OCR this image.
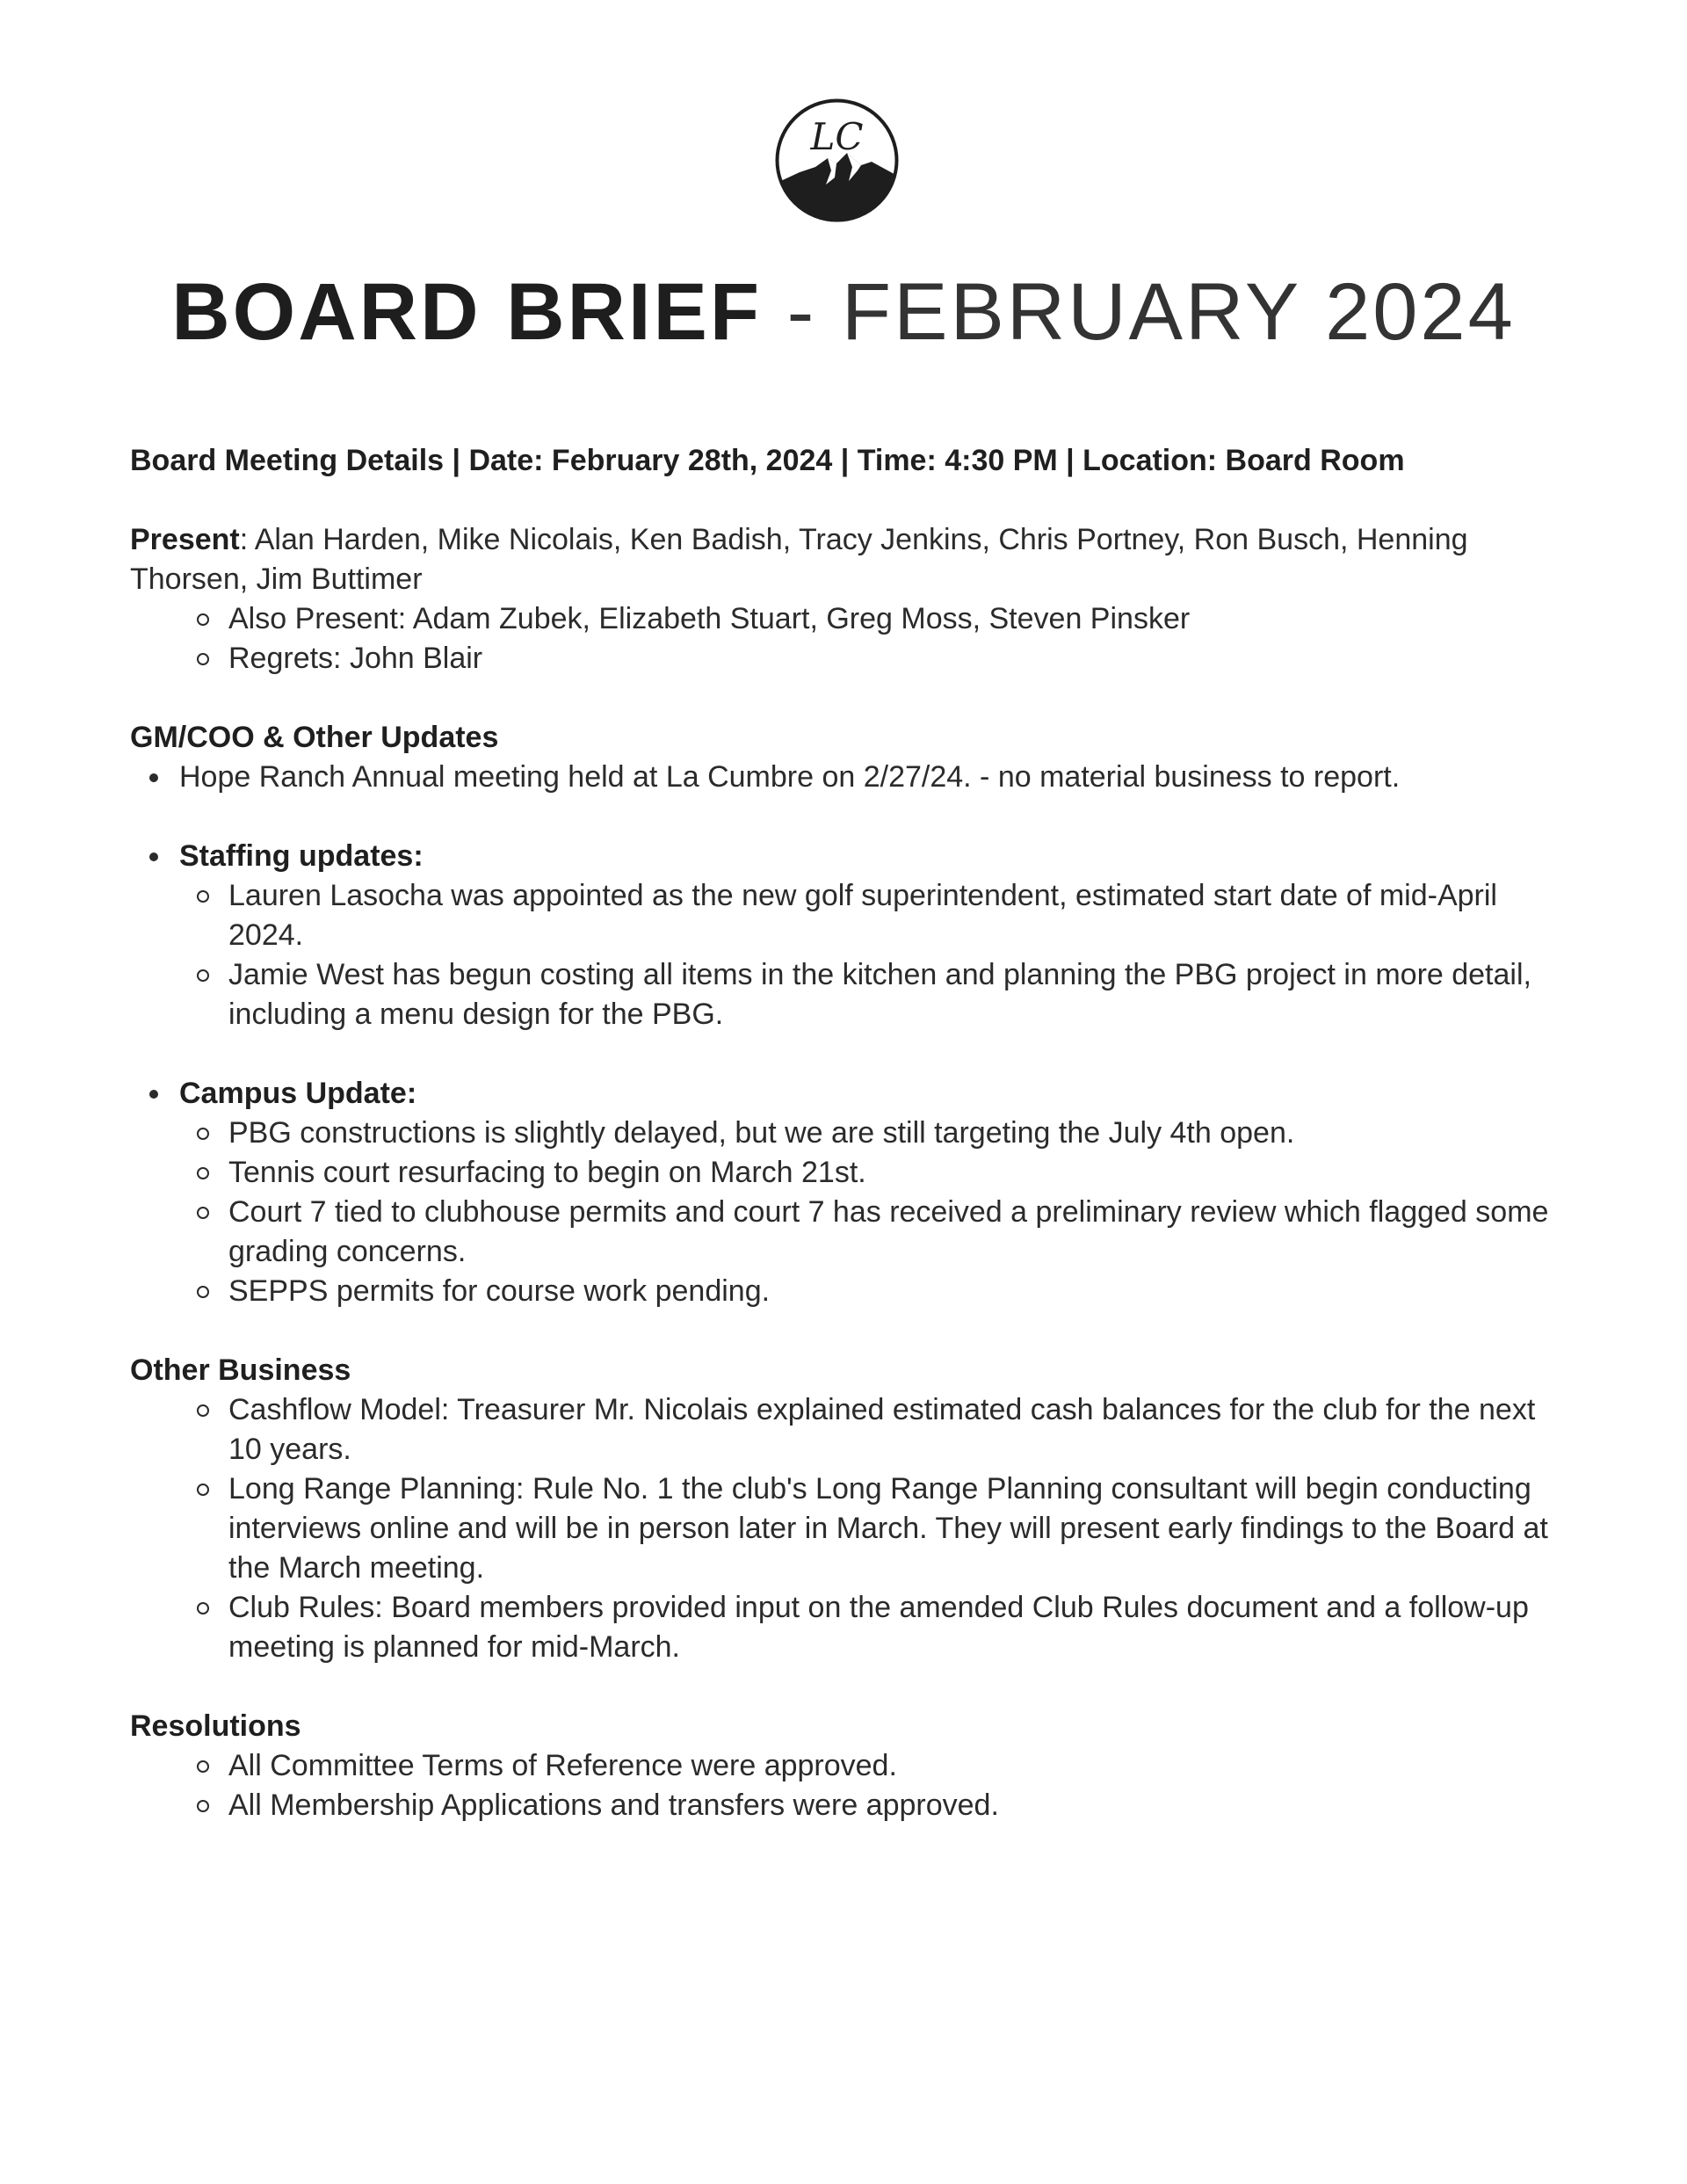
LC
BOARD BRIEF - FEBRUARY 2024

Board Meeting Details | Date: February 28th, 2024 | Time: 4:30 PM | Location: Board Room

Present: Alan Harden, Mike Nicolais, Ken Badish, Tracy Jenkins, Chris Portney, Ron Busch, Henning Thorsen, Jim Buttimer

Also Present: Adam Zubek, Elizabeth Stuart, Greg Moss, Steven Pinsker
Regrets: John Blair

GM/COO & Other Updates

Hope Ranch Annual meeting held at La Cumbre on 2/27/24. - no material business to report.
Staffing updates:
Lauren Lasocha was appointed as the new golf superintendent, estimated start date of mid-April 2024.
Jamie West has begun costing all items in the kitchen and planning the PBG project in more detail, including a menu design for the PBG.
Campus Update:
PBG constructions is slightly delayed, but we are still targeting the July 4th open.
Tennis court resurfacing to begin on March 21st.
Court 7 tied to clubhouse permits and court 7 has received a preliminary review which flagged some grading concerns.
SEPPS permits for course work pending.

Other Business

Cashflow Model: Treasurer Mr. Nicolais explained estimated cash balances for the club for the next 10 years.
Long Range Planning: Rule No. 1 the club's Long Range Planning consultant will begin conducting interviews online and will be in person later in March. They will present early findings to the Board at the March meeting.
Club Rules: Board members provided input on the amended Club Rules document and a follow-up meeting is planned for mid-March.

Resolutions

All Committee Terms of Reference were approved.
All Membership Applications and transfers were approved.
